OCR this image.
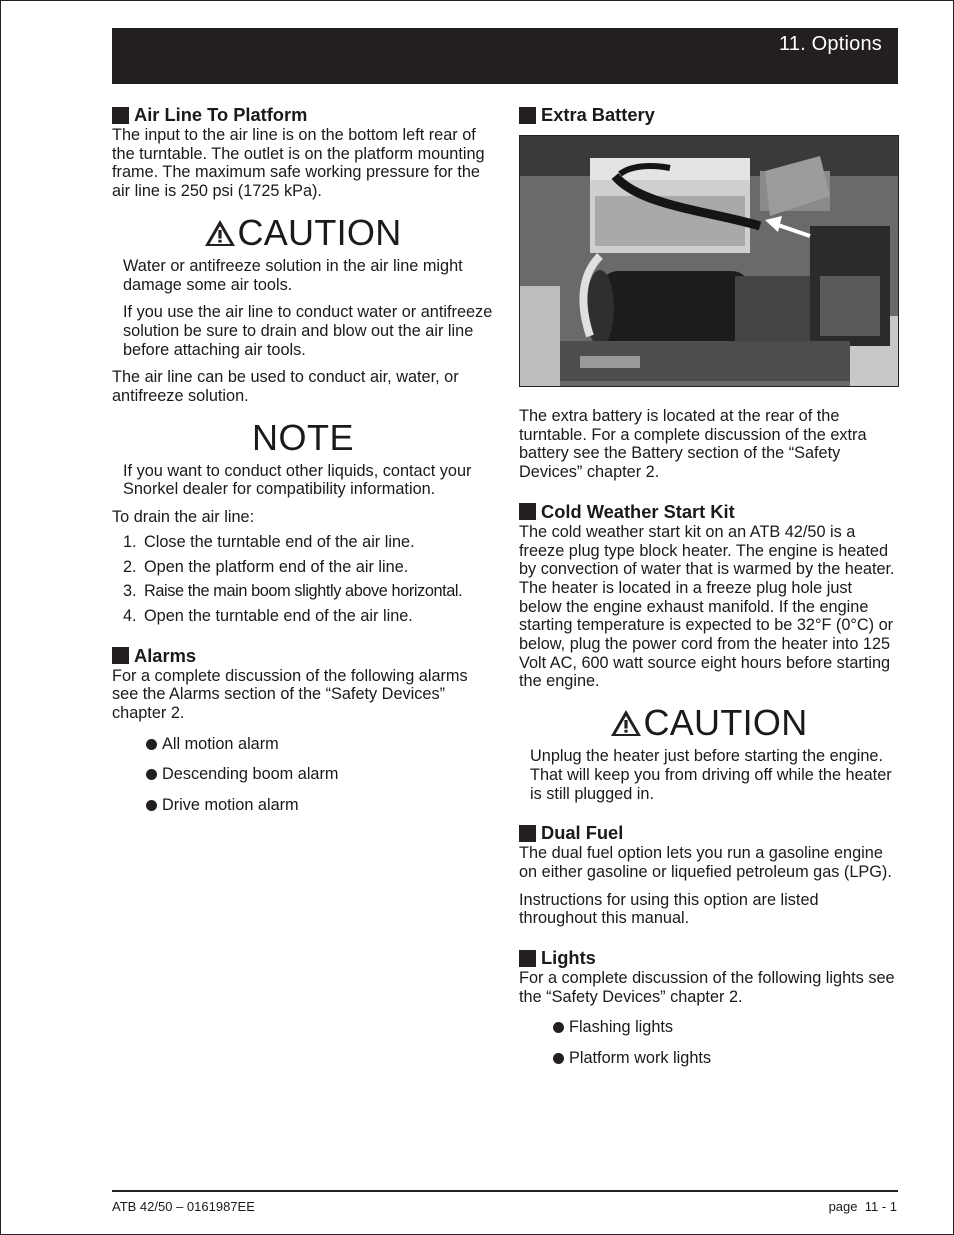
11. Options
Air Line To Platform

The input to the air line is on the bottom left rear of the turntable. The outlet is on the platform mounting frame. The maximum safe working pressure for the air line is 250 psi (1725 kPa).

CAUTION

Water or antifreeze solution in the air line might damage some air tools.

If you use the air line to conduct water or antifreeze solution be sure to drain and blow out the air line before attaching air tools.

The air line can be used to conduct air, water, or antifreeze solution.

NOTE

If you want to conduct other liquids, contact your Snorkel dealer for compatibility information.

To drain the air line:

1. Close the turntable end of the air line.
2. Open the platform end of the air line.
3. Raise the main boom slightly above horizontal.
4. Open the turntable end of the air line.
Alarms

For a complete discussion of the following alarms see the Alarms section of the “Safety Devices” chapter 2.

All motion alarm
Descending boom alarm
Drive motion alarm
Extra Battery

The extra battery is located at the rear of the turntable. For a complete discussion of the extra battery see the Battery section of the “Safety Devices” chapter 2.

Cold Weather Start Kit

The cold weather start kit on an ATB 42/50 is a freeze plug type block heater. The engine is heated by convection of water that is warmed by the heater. The heater is located in a freeze plug hole just below the engine exhaust manifold. If the engine starting temperature is expected to be 32°F (0°C) or below, plug the power cord from the heater into 125 Volt AC, 600 watt source eight hours before starting the engine.

CAUTION

Unplug the heater just before starting the engine. That will keep you from driving off while the heater is still plugged in.

Dual Fuel

The dual fuel option lets you run a gasoline engine on either gasoline or liquefied petroleum gas (LPG).

Instructions for using this option are listed throughout this manual.

Lights

For a complete discussion of the following lights see the “Safety Devices” chapter 2.

Flashing lights
Platform work lights
ATB 42/50 – 0161987EE	page  11 - 1
